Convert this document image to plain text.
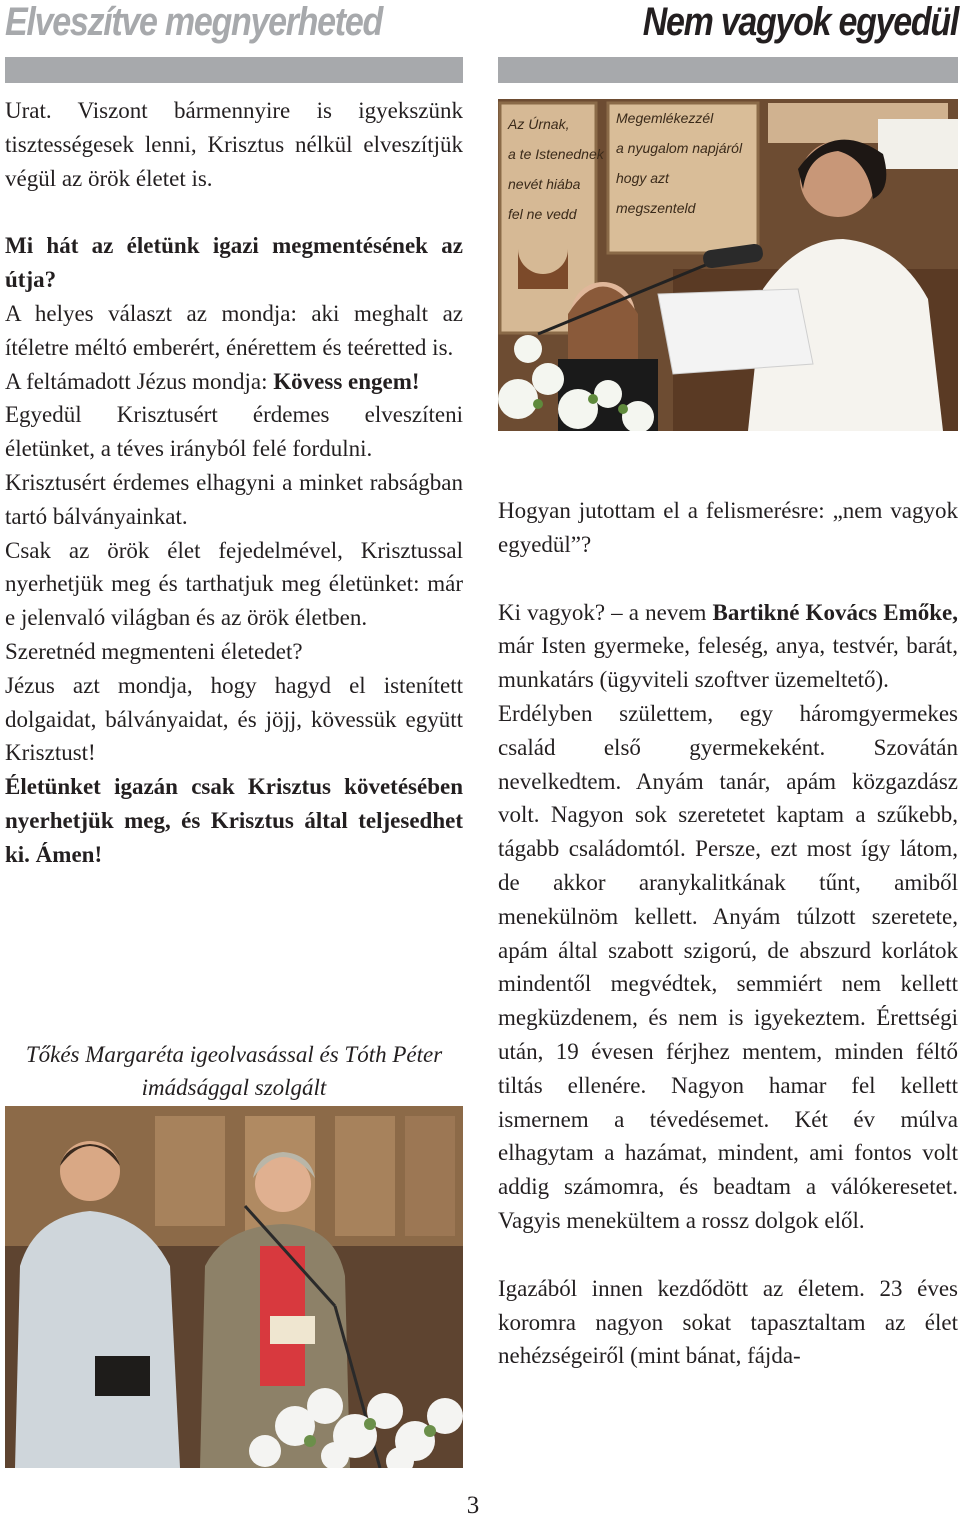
Elveszítve megnyerheted

Urat. Viszont bármennyire is igyekszünk tisztességesek lenni, Krisztus nélkül elveszítjük végül az örök életet is.

Mi hát az életünk igazi megmentésének az útja?

A helyes választ az mondja: aki meghalt az ítéletre méltó emberért, énérettem és teéretted is.

A feltámadott Jézus mondja: Kövess engem!

Egyedül Krisztusért érdemes elveszíteni életünket, a téves irányból felé fordulni.

Krisztusért érdemes elhagyni a minket rabságban tartó bálványainkat.

Csak az örök élet fejedelmével, Krisztussal nyerhetjük meg és tarthatjuk meg életünket: már e jelenvaló világban és az örök életben.

Szeretnéd megmenteni életedet?

Jézus azt mondja, hogy hagyd el istenített dolgaidat, bálványaidat, és jöjj, kövessük együtt Krisztust!

Életünket igazán csak Krisztus követésében nyerhetjük meg, és Krisztus által teljesedhet ki. Ámen!

Tőkés Margaréta igeolvasással és Tóth Péter
imádsággal szolgált
Nem vagyok egyedül
Az Úrnak,
a te Istenednek
nevét hiába
fel ne vedd
Megemlékezzél
a nyugalom napjáról
hogy azt
megszenteld

Hogyan jutottam el a felismerésre: „nem vagyok egyedül”?

Ki vagyok? – a nevem Bartikné Kovács Emőke, már Isten gyermeke, feleség, anya, testvér, barát, munkatárs (ügyviteli szoftver üzemeltető).

Erdélyben születtem, egy háromgyermekes család első gyermekeként. Szovátán nevelkedtem. Anyám tanár, apám közgazdász volt. Nagyon sok szeretetet kaptam a szűkebb, tágabb családomtól. Persze, ezt most így látom, de akkor aranykalitkának tűnt, amiből menekülnöm kellett. Anyám túlzott szeretete, apám által szabott szigorú, de abszurd korlátok mindentől megvédtek, semmiért nem kellett megküzdenem, és nem is igyekeztem. Érettségi után, 19 évesen férjhez mentem, minden féltő tiltás ellenére. Nagyon hamar fel kellett ismernem a tévedésemet. Két év múlva elhagytam a hazámat, mindent, ami fontos volt addig számomra, és beadtam a válókeresetet. Vagyis menekültem a rossz dolgok elől.

Igazából innen kezdődött az életem. 23 éves koromra nagyon sokat tapasztaltam az élet nehézségeiről (mint bánat, fájda-

3
